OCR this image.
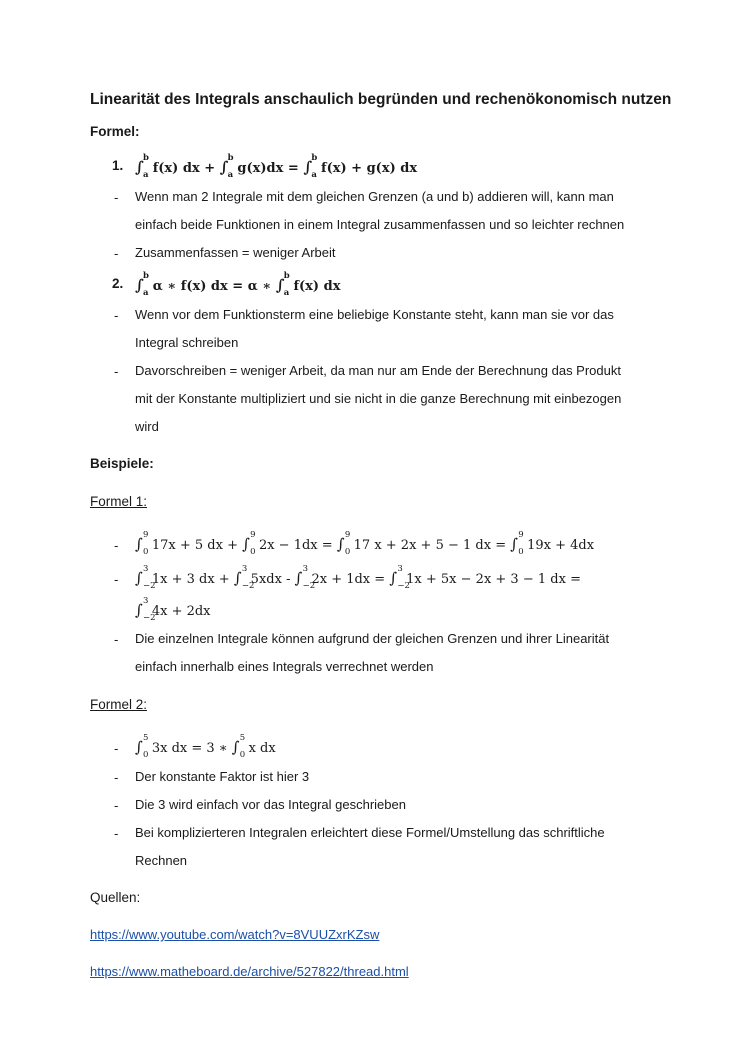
Linearität des Integrals anschaulich begründen und rechenökonomisch nutzen
Formel:
1. ∫ b
a f(x) dx + ∫ b
a g(x)dx = ∫ b
a f(x) + g(x) dx
- Wenn man 2 Integrale mit dem gleichen Grenzen (a und b) addieren will, kann man
einfach beide Funktionen in einem Integral zusammenfassen und so leichter rechnen
- Zusammenfassen = weniger Arbeit
2. ∫ b
a α ∗ f(x) dx = α ∗ ∫ b
a f(x) dx
- Wenn vor dem Funktionsterm eine beliebige Konstante steht, kann man sie vor das
Integral schreiben
- Davorschreiben = weniger Arbeit, da man nur am Ende der Berechnung das Produkt
mit der Konstante multipliziert und sie nicht in die ganze Berechnung mit einbezogen
wird
Beispiele:
Formel 1:
- ∫ 9
0 17x + 5 dx + ∫ 9
0 2x − 1dx = ∫ 9
0 17 x + 2x + 5 − 1 dx = ∫ 9
0 19x + 4dx
- ∫ 3
−2
1x + 3 dx + ∫ 3
−2
5xdx - ∫ 3
−2
2x + 1dx = ∫ 3
−2
1x + 5x − 2x + 3 − 1 dx =
∫ 3
−2
4x + 2dx
- Die einzelnen Integrale können aufgrund der gleichen Grenzen und ihrer Linearität
einfach innerhalb eines Integrals verrechnet werden
Formel 2:
- ∫ 5
0 3x dx = 3 ∗ ∫ 5
0 x dx
- Der konstante Faktor ist hier 3
- Die 3 wird einfach vor das Integral geschrieben
- Bei komplizierteren Integralen erleichtert diese Formel/Umstellung das schriftliche
Rechnen
Quellen:
https://www.youtube.com/watch?v=8VUUZxrKZsw
https://www.matheboard.de/archive/527822/thread.html
